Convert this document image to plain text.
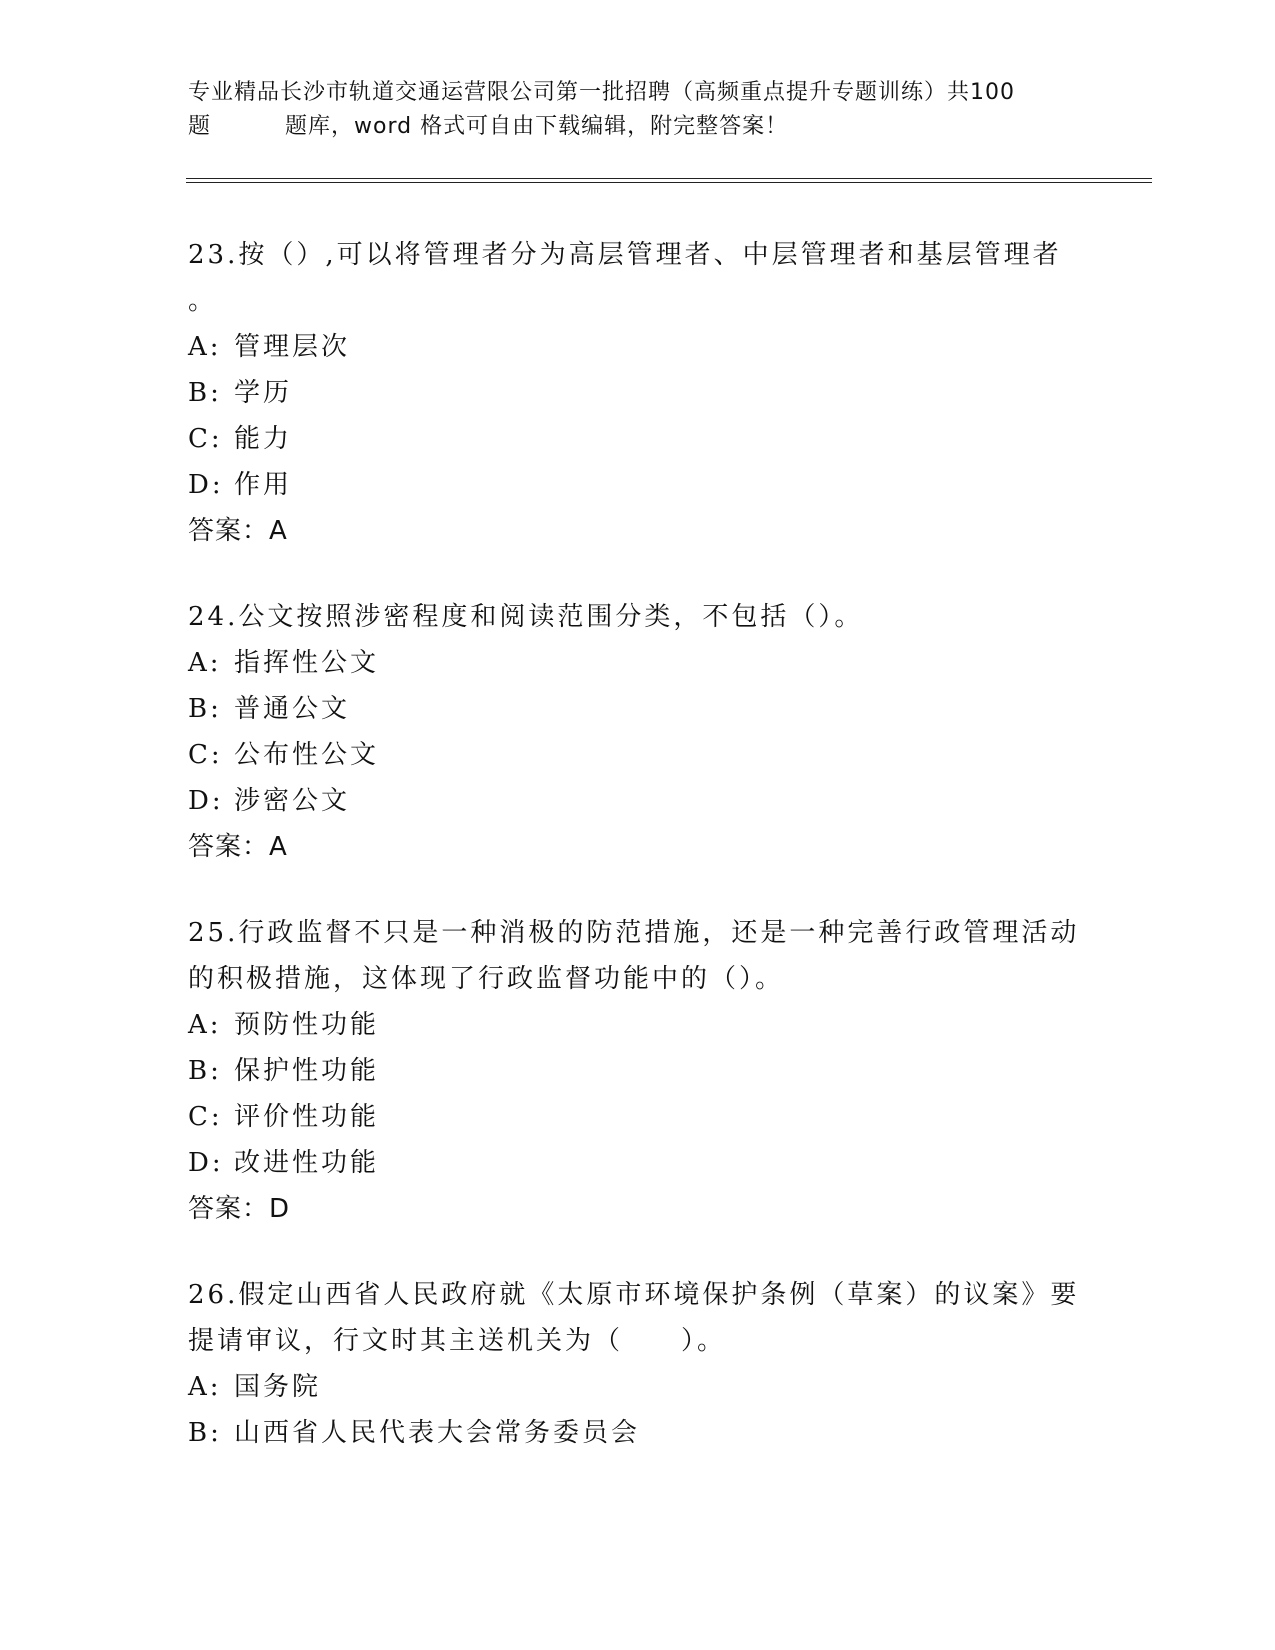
专业精品长沙市轨道交通运营限公司第一批招聘（高频重点提升专题训练）共100
题	题库，word 格式可自由下载编辑，附完整答案！
23.按（）,可以将管理者分为高层管理者、中层管理者和基层管理者
。
A: 管理层次
B: 学历
C: 能力
D: 作用
答案：A
24.公文按照涉密程度和阅读范围分类，不包括（）。
A: 指挥性公文
B: 普通公文
C: 公布性公文
D: 涉密公文
答案：A
25.行政监督不只是一种消极的防范措施，还是一种完善行政管理活动
的积极措施，这体现了行政监督功能中的（）。
A: 预防性功能
B: 保护性功能
C: 评价性功能
D: 改进性功能
答案：D
26.假定山西省人民政府就《太原市环境保护条例（草案）的议案》要
提请审议，行文时其主送机关为（　　）。
A: 国务院
B: 山西省人民代表大会常务委员会
